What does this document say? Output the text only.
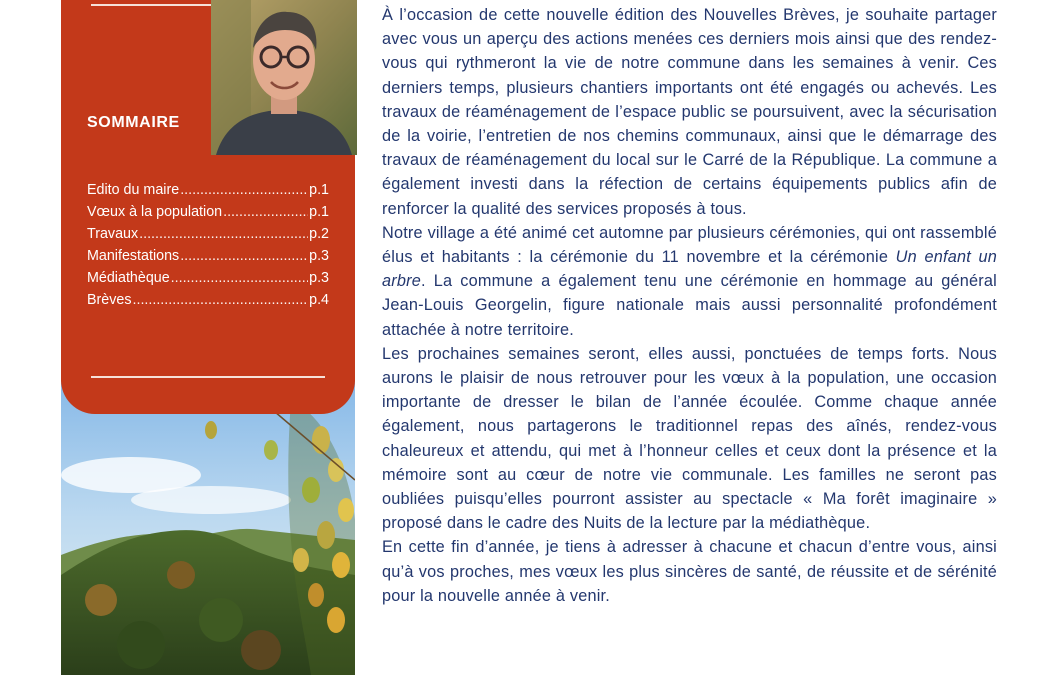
SOMMAIRE
Edito du maire .....	p.1
Vœux à la population .....	p.1
Travaux .....	p.2
Manifestations .....	p.3
Médiathèque .....	p.3
Brèves .....	p.4

À l’occasion de cette nouvelle édition des Nouvelles Brèves, je souhaite partager avec vous un aperçu des actions menées ces derniers mois ainsi que des rendez-vous qui rythmeront la vie de notre commune dans les semaines à venir. Ces derniers temps, plusieurs chantiers importants ont été engagés ou achevés. Les travaux de réaménagement de l’espace public se poursuivent, avec la sécurisation de la voirie, l’entretien de nos chemins communaux, ainsi que le démarrage des travaux de réaménagement du local sur le Carré de la République. La commune a également investi dans la réfection de certains équipements publics afin de renforcer la qualité des services proposés à tous.

Notre village a été animé cet automne par plusieurs cérémonies, qui ont rassemblé élus et habitants : la cérémonie du 11 novembre et la cérémonie Un enfant un arbre. La commune a également tenu une cérémonie en hommage au général Jean-Louis Georgelin, figure nationale mais aussi personnalité profondément attachée à notre territoire.

Les prochaines semaines seront, elles aussi, ponctuées de temps forts. Nous aurons le plaisir de nous retrouver pour les vœux à la population, une occasion importante de dresser le bilan de l’année écoulée. Comme chaque année également, nous partagerons le traditionnel repas des aînés, rendez-vous chaleureux et attendu, qui met à l’honneur celles et ceux dont la présence et la mémoire sont au cœur de notre vie communale. Les familles ne seront pas oubliées puisqu’elles pourront assister au spectacle « Ma forêt imaginaire » proposé dans le cadre des Nuits de la lecture par la médiathèque.

En cette fin d’année, je tiens à adresser à chacune et chacun d’entre vous, ainsi qu’à vos proches, mes vœux les plus sincères de santé, de réussite et de sérénité pour la nouvelle année à venir.
